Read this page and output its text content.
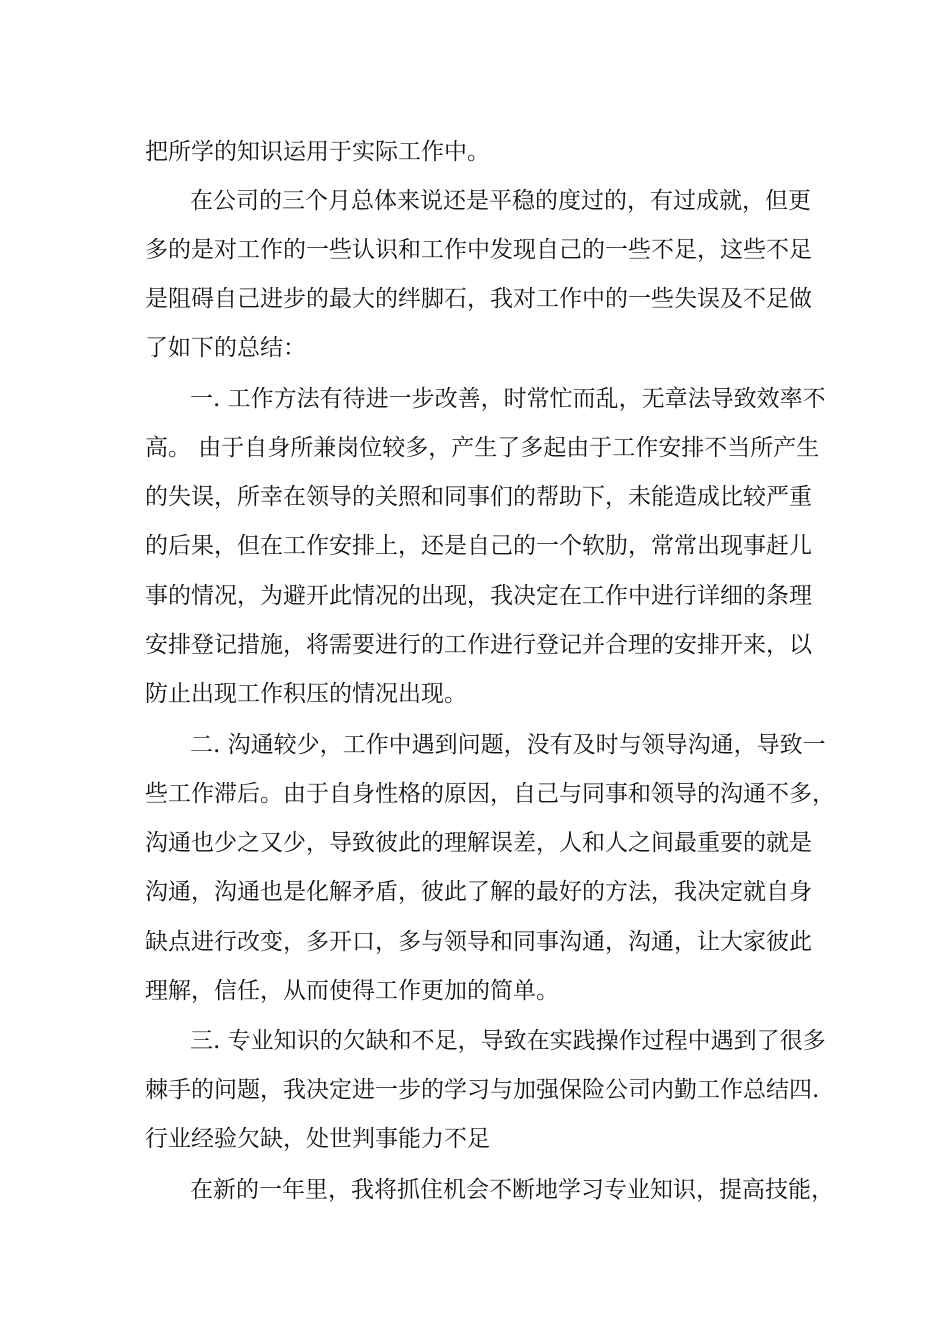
把所学的知识运用于实际工作中。
在公司的三个月总体来说还是平稳的度过的，有过成就，但更
多的是对工作的一些认识和工作中发现自己的一些不足，这些不足
是阻碍自己进步的最大的绊脚石，我对工作中的一些失误及不足做
了如下的总结：
一. 工作方法有待进一步改善，时常忙而乱，无章法导致效率不
高。 由于自身所兼岗位较多，产生了多起由于工作安排不当所产生
的失误，所幸在领导的关照和同事们的帮助下，未能造成比较严重
的后果，但在工作安排上，还是自己的一个软肋，常常出现事赶儿
事的情况，为避开此情况的出现，我决定在工作中进行详细的条理
安排登记措施，将需要进行的工作进行登记并合理的安排开来，以
防止出现工作积压的情况出现。
二. 沟通较少，工作中遇到问题，没有及时与领导沟通，导致一
些工作滞后。由于自身性格的原因，自己与同事和领导的沟通不多，
沟通也少之又少，导致彼此的理解误差，人和人之间最重要的就是
沟通，沟通也是化解矛盾，彼此了解的最好的方法，我决定就自身
缺点进行改变，多开口，多与领导和同事沟通，沟通，让大家彼此
理解，信任，从而使得工作更加的简单。
三. 专业知识的欠缺和不足，导致在实践操作过程中遇到了很多
棘手的问题，我决定进一步的学习与加强保险公司内勤工作总结四.
行业经验欠缺，处世判事能力不足
在新的一年里，我将抓住机会不断地学习专业知识，提高技能，
